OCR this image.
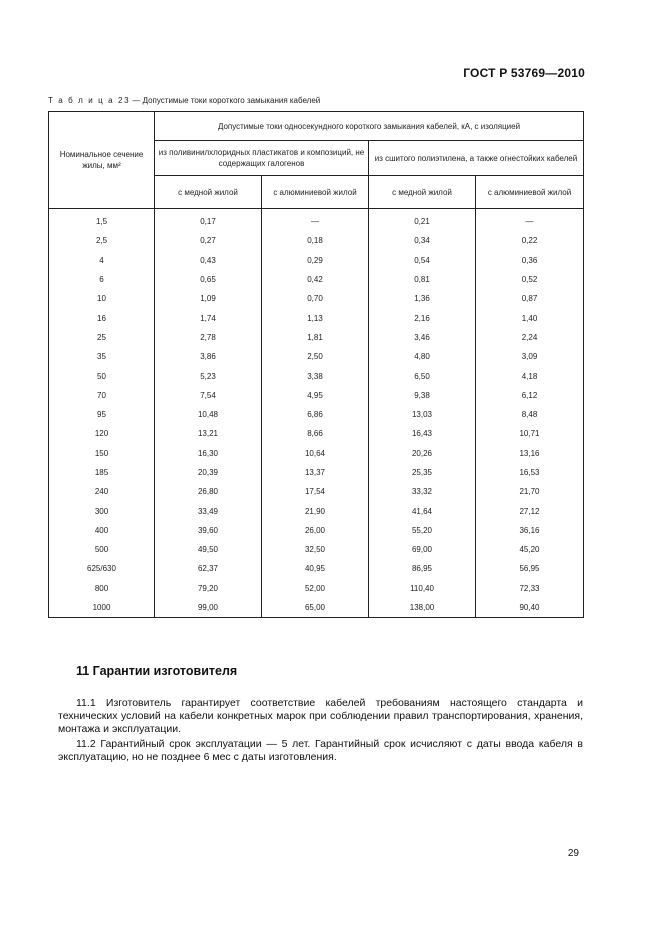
ГОСТ Р 53769—2010
Т а б л и ц а 23 — Допустимые токи короткого замыкания кабелей
Номинальное сечение жилы, мм²	Допустимые токи односекундного короткого замыкания кабелей, кА, с изоляцией			
	из поливинилхлоридных пластикатов и композиций, не содержащих галогенов		из сшитого полиэтилена, а также огнестойких кабелей	
	с медной жилой	с алюминиевой жилой	с медной жилой	с алюминиевой жилой
1,5	0,17	—	0,21	—
2,5	0,27	0,18	0,34	0,22
4	0,43	0,29	0,54	0,36
6	0,65	0,42	0,81	0,52
10	1,09	0,70	1,36	0,87
16	1,74	1,13	2,16	1,40
25	2,78	1,81	3,46	2,24
35	3,86	2,50	4,80	3,09
50	5,23	3,38	6,50	4,18
70	7,54	4,95	9,38	6,12
95	10,48	6,86	13,03	8,48
120	13,21	8,66	16,43	10,71
150	16,30	10,64	20,26	13,16
185	20,39	13,37	25,35	16,53
240	26,80	17,54	33,32	21,70
300	33,49	21,90	41,64	27,12
400	39,60	26,00	55,20	36,16
500	49,50	32,50	69,00	45,20
625/630	62,37	40,95	86,95	56,95
800	79,20	52,00	110,40	72,33
1000	99,00	65,00	138,00	90,40
11 Гарантии изготовителя
11.1 Изготовитель гарантирует соответствие кабелей требованиям настоящего стандарта и технических условий на кабели конкретных марок при соблюдении правил транспортирования, хранения, монтажа и эксплуатации.
11.2 Гарантийный срок эксплуатации — 5 лет. Гарантийный срок исчисляют с даты ввода кабеля в эксплуатацию, но не позднее 6 мес с даты изготовления.
29
